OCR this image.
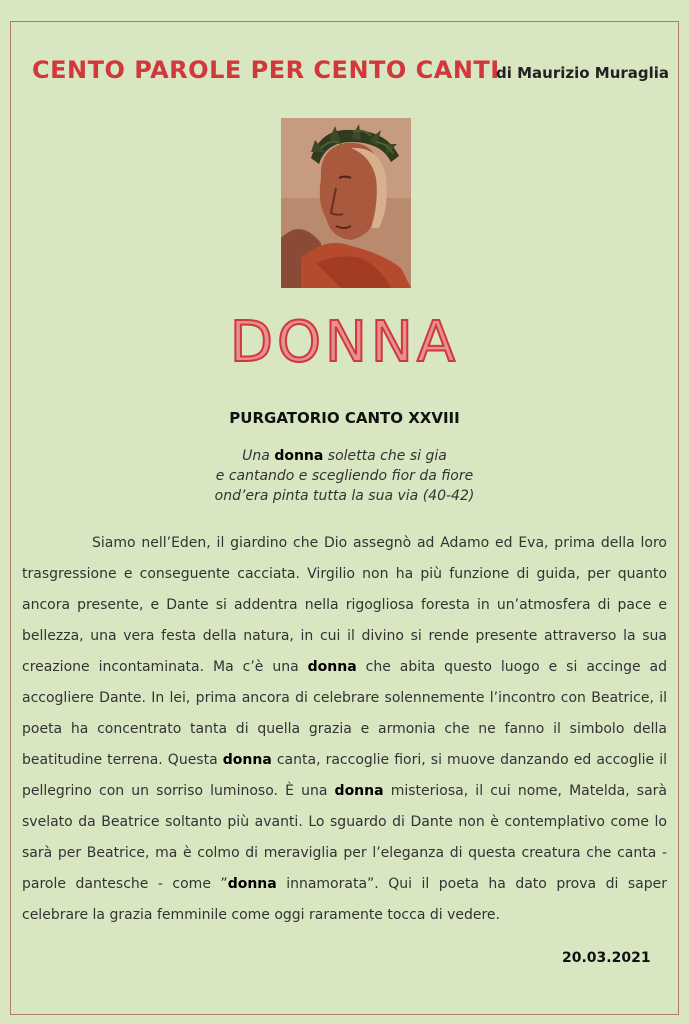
CENTO PAROLE PER CENTO CANTI
di Maurizio Muraglia
DONNA
PURGATORIO CANTO XXVIII
Una donna soletta che si gia
e cantando e scegliendo fior da fiore
ond’era pinta tutta la sua via (40-42)
Siamo nell’Eden, il giardino che Dio assegnò ad Adamo ed Eva, prima della loro trasgressione e conseguente cacciata. Virgilio non ha più funzione di guida, per quanto ancora presente, e Dante si addentra nella rigogliosa foresta in un’atmosfera di pace e bellezza, una vera festa della natura, in cui il divino si rende presente attraverso la sua creazione incontaminata. Ma c’è una donna che abita questo luogo e si accinge ad accogliere Dante. In lei, prima ancora di celebrare solennemente l’incontro con Beatrice, il poeta ha concentrato tanta di quella grazia e armonia che ne fanno il simbolo della beatitudine terrena. Questa donna canta, raccoglie fiori, si muove danzando ed accoglie il pellegrino con un sorriso luminoso. È una donna misteriosa, il cui nome, Matelda, sarà svelato da Beatrice soltanto più avanti. Lo sguardo di Dante non è contemplativo come lo sarà per Beatrice, ma è colmo di meraviglia per l’eleganza di questa creatura che canta - parole dantesche - come ”donna innamorata”. Qui il poeta ha dato prova di saper celebrare la grazia femminile come oggi raramente tocca di vedere.
20.03.2021
